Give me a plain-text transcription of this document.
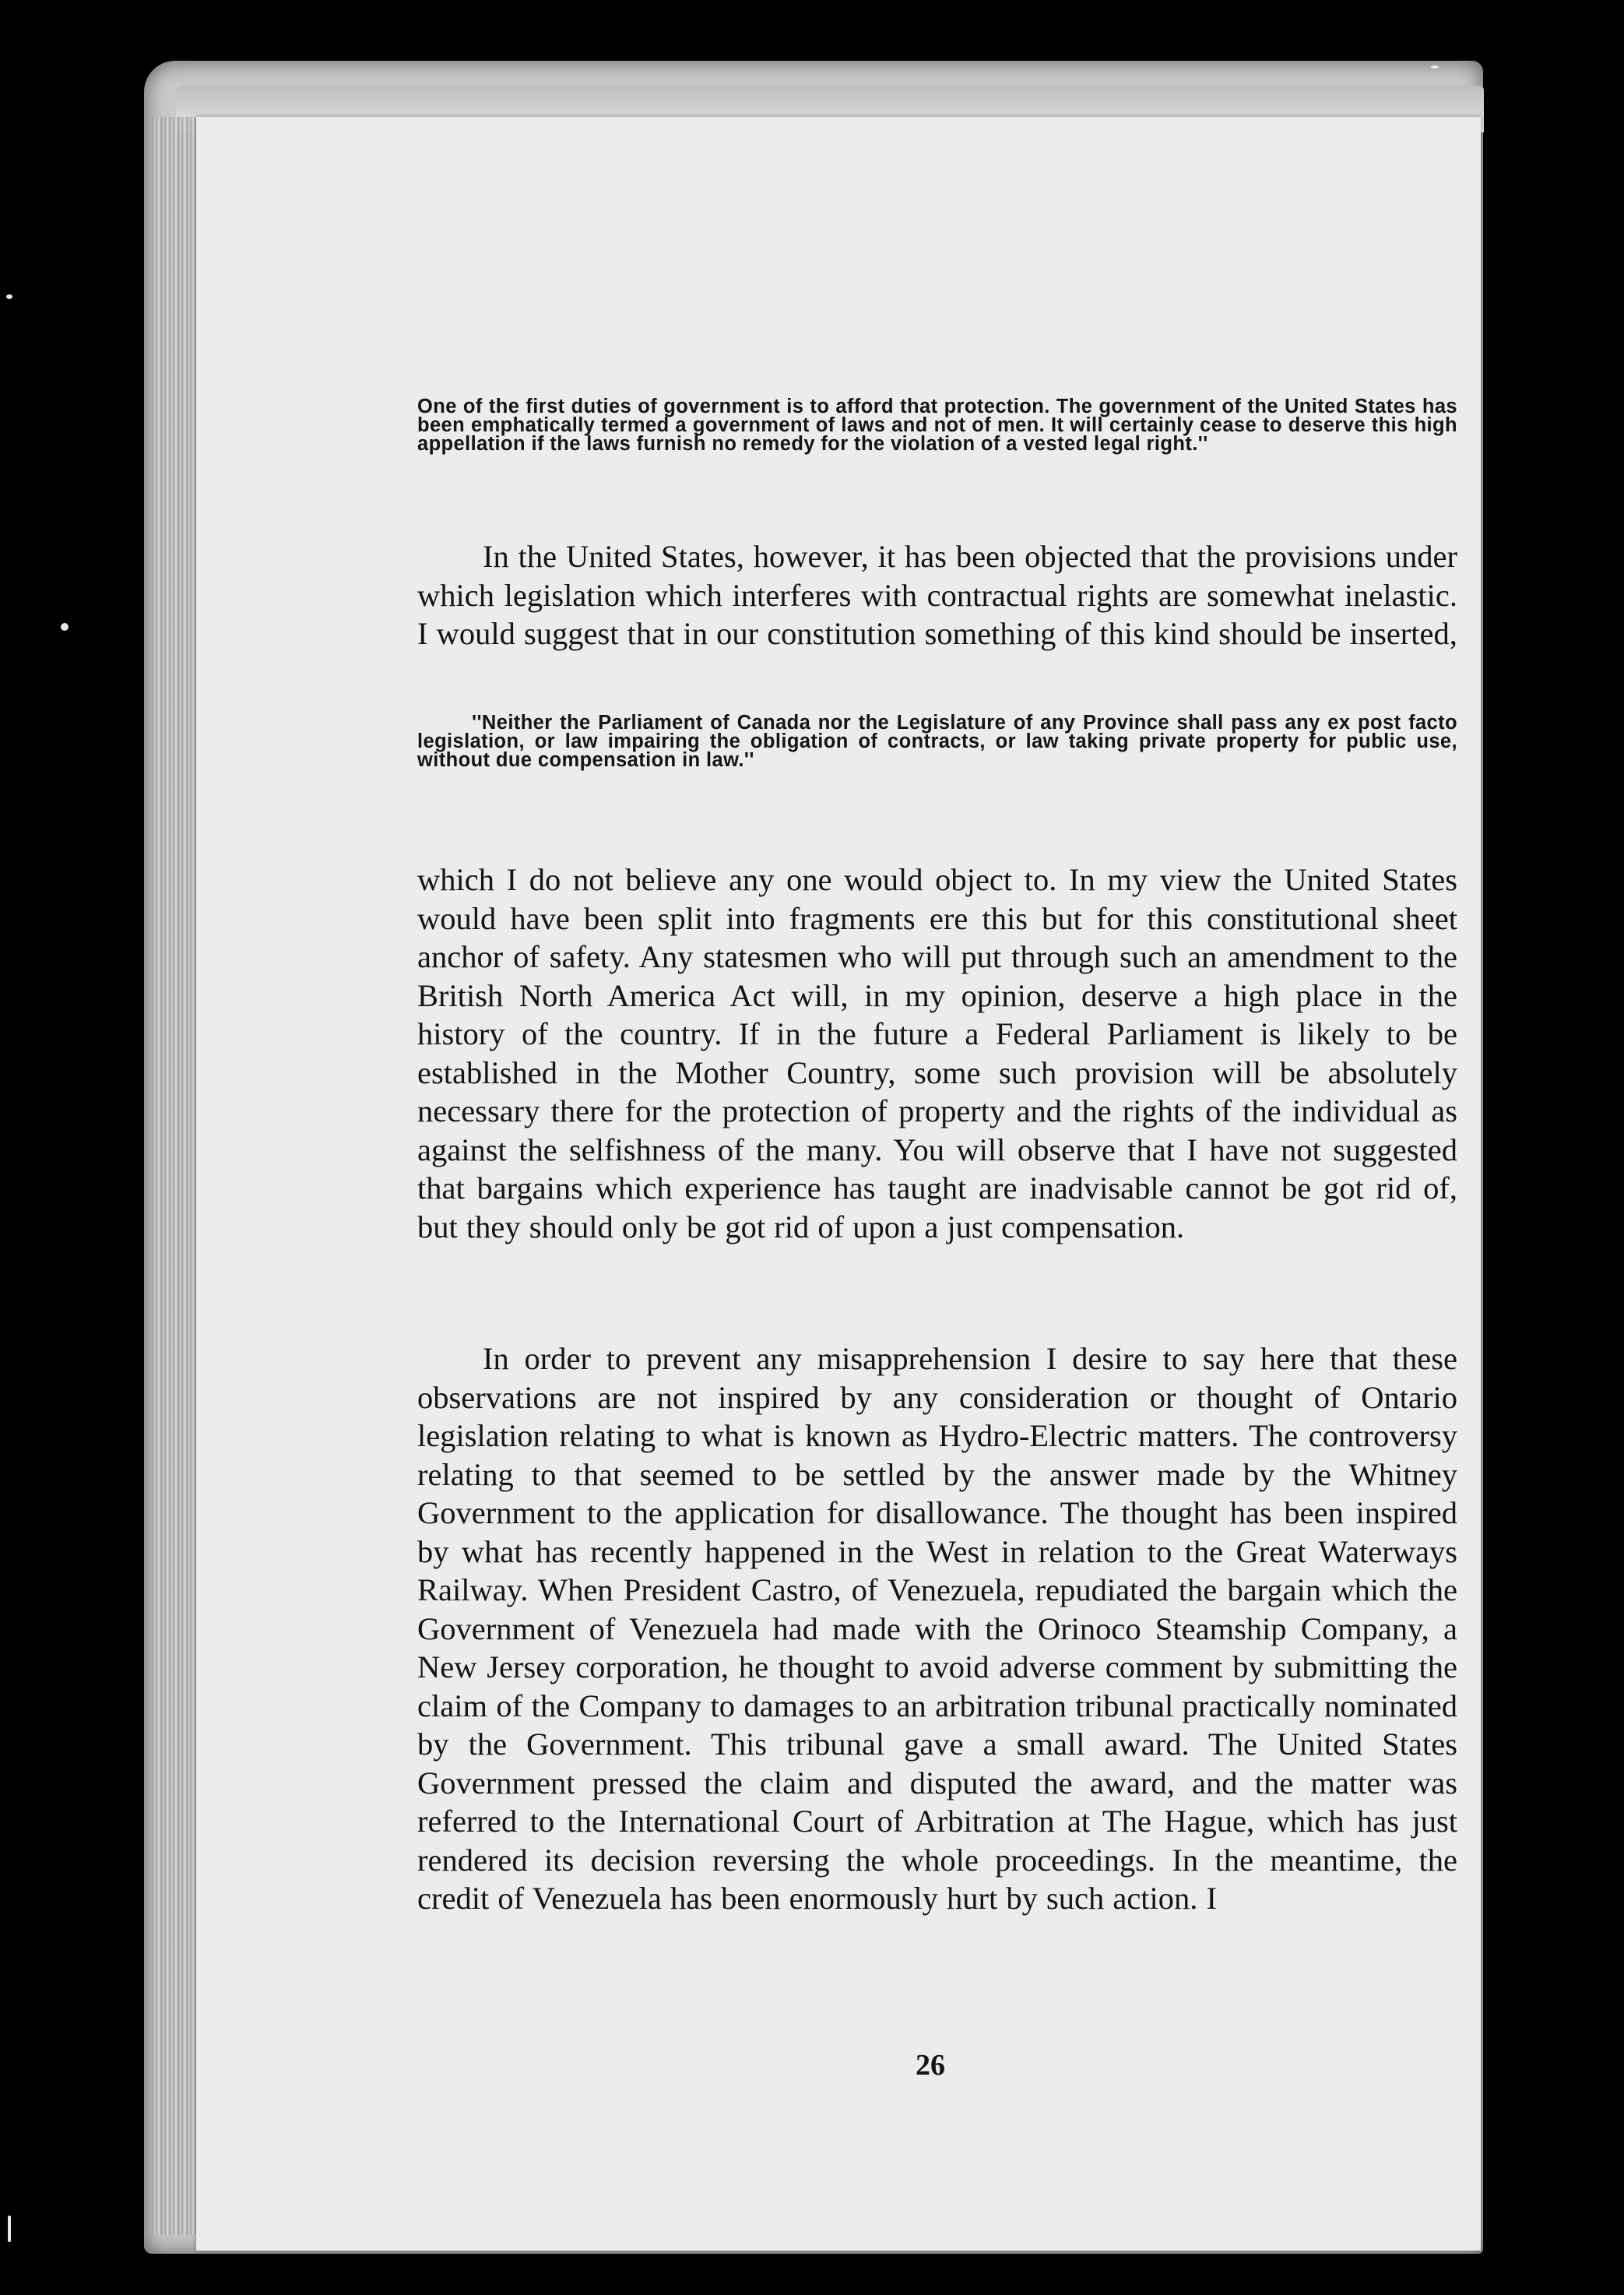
One of the first duties of government is to afford that protection. The government of the United States has been emphatically termed a government of laws and not of men. It will certainly cease to deserve this high appellation if the laws furnish no remedy for the violation of a vested legal right.''

In the United States, however, it has been objected that the provisions under which legislation which interferes with contractual rights are somewhat inelastic. I would suggest that in our constitution something of this kind should be inserted,

''Neither the Parliament of Canada nor the Legislature of any Province shall pass any ex post facto legislation, or law impairing the obligation of contracts, or law taking private property for public use, without due compensation in law.''

which I do not believe any one would object to. In my view the United States would have been split into fragments ere this but for this constitutional sheet anchor of safety. Any statesmen who will put through such an amendment to the British North America Act will, in my opinion, deserve a high place in the history of the country. If in the future a Federal Parliament is likely to be established in the Mother Country, some such provision will be absolutely necessary there for the protection of property and the rights of the individual as against the selfishness of the many. You will observe that I have not suggested that bargains which experience has taught are inadvisable cannot be got rid of, but they should only be got rid of upon a just compensation.

In order to prevent any misapprehension I desire to say here that these observations are not inspired by any consideration or thought of Ontario legislation relating to what is known as Hydro-Electric matters. The controversy relating to that seemed to be settled by the answer made by the Whitney Government to the application for disallowance. The thought has been inspired by what has recently happened in the West in relation to the Great Waterways Railway. When President Castro, of Venezuela, repudiated the bargain which the Government of Venezuela had made with the Orinoco Steamship Company, a New Jersey corporation, he thought to avoid adverse comment by submitting the claim of the Company to damages to an arbitration tribunal practically nominated by the Government. This tribunal gave a small award. The United States Government pressed the claim and disputed the award, and the matter was referred to the International Court of Arbitration at The Hague, which has just rendered its decision reversing the whole proceedings. In the meantime, the credit of Venezuela has been enormously hurt by such action. I

26
